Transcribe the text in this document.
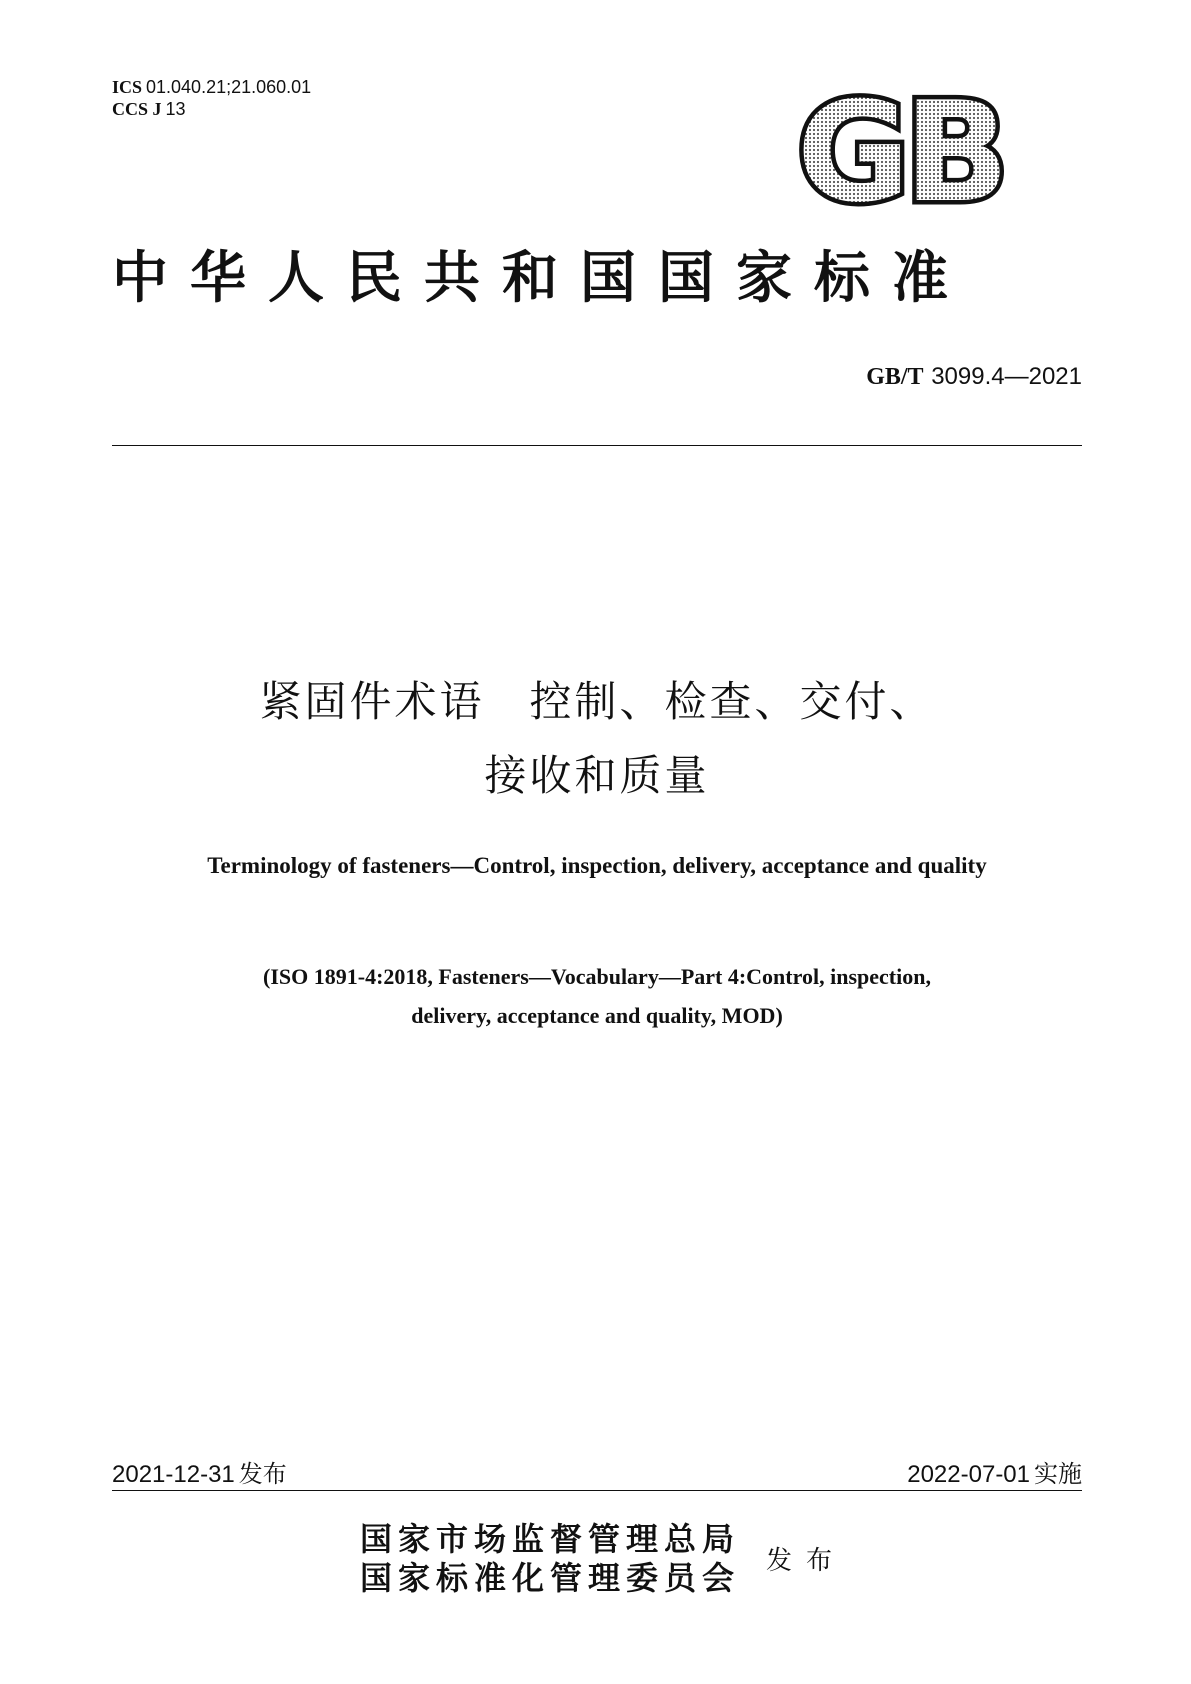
ICS 01.040.21;21.060.01
CCS J 13	GB
中华人民共和国国家标准
GB/T 3099.4—2021
紧固件术语　控制、检查、交付、
接收和质量
Terminology of fasteners—Control, inspection, delivery, acceptance and quality
(ISO 1891-4:2018, Fasteners—Vocabulary—Part 4:Control, inspection,
delivery, acceptance and quality, MOD)
2021-12-31 发布	2022-07-01 实施
国家市场监督管理总局
国家标准化管理委员会 发布
